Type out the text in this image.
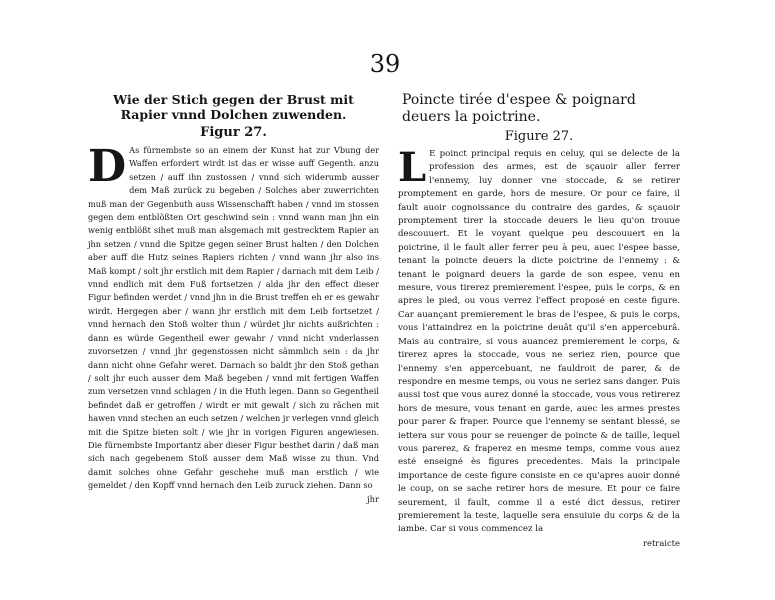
39
Wie der Stich gegen der Brust mit Rapier vnnd Dolchen zuwenden.
Figur 27.

D As fürnembste so an einem der Kunst hat zur Vbung der Waffen erfordert wirdt ist das er wisse auff Gegenth. anzu setzen / auff ihn zustossen / vnnd sich widerumb ausser dem Maß zurück zu begeben / Solches aber zuwerrichten muß man der Gegenbuth auss Wissenschafft haben / vnnd im stossen gegen dem entblößten Ort geschwind sein : vnnd wann man jhn ein wenig entblößt sihet muß man alsgemach mit gestrecktem Rapier an jhn setzen / vnnd die Spitze gegen seiner Brust halten / den Dolchen aber auff die Hutz seines Rapiers richten / vnnd wann jhr also ins Maß kompt / solt jhr erstlich mit dem Rapier / darnach mit dem Leib / vnnd endlich mit dem Fuß fortsetzen / alda jhr den effect dieser Figur befinden werdet / vnnd jhn in die Brust treffen eh er es gewahr wirdt. Hergegen aber / wann jhr erstlich mit dem Leib fortsetzet / vnnd hernach den Stoß wolter thun / würdet jhr nichts außrichten : dann es würde Gegentheil ewer gewahr / vnnd nicht vnderlassen zuvorsetzen / vnnd jhr gegenstossen nicht sämmlich sein : da jhr dann nicht ohne Gefahr weret. Darnach so baldt jhr den Stoß gethan / solt jhr euch ausser dem Maß begeben / vnnd mit fertigen Waffen zum versetzen vnnd schlagen / in die Huth legen. Dann so Gegentheil befindet daß er getroffen / wirdt er mit gewalt / sich zu rächen mit hawen vnnd stechen an euch setzen / welchen jr verlegen vnnd gleich mit die Spitze bieten solt / wie jhr in vorigen Figuren angewiesen. Die fürnembste Importantz aber dieser Figur besthet darin / daß man sich nach gegebenem Stoß ausser dem Maß wisse zu thun. Vnd damit solches ohne Gefahr geschehe muß man erstlich / wie gemeldet / den Kopff vnnd hernach den Leib zuruck ziehen. Dann so

jhr
Poincte tirée d'espee & poignard deuers la poictrine.
Figure 27.

L E poinct principal requis en celuy, qui se delecte de la profession des armes, est de sçauoir aller ferrer l'ennemy, luy donner vne stoccade, & se retirer promptement en garde, hors de mesure. Or pour ce faire, il fault auoir cognoissance du contraire des gardes, & sçauoir promptement tirer la stoccade deuers le lieu qu'on trouue descouuert. Et le voyant quelque peu descouuert en la poictrine, il le fault aller ferrer peu à peu, auec l'espee basse, tenant la poincte deuers la dicte poictrine de l'ennemy : & tenant le poignard deuers la garde de son espee, venu en mesure, vous tirerez premierement l'espee, puis le corps, & en apres le pied, ou vous verrez l'effect proposé en ceste figure. Car auançant premierement le bras de l'espee, & puis le corps, vous l'attaindrez en la poictrine deuât qu'il s'en apperceburâ. Mais au contraire, si vous auancez premierement le corps, & tirerez apres la stoccade, vous ne seriez rien, pource que l'ennemy s'en appercebuant, ne fauldroit de parer, & de respondre en mesme temps, ou vous ne seriez sans danger. Puis aussi tost que vous aurez donné la stoccade, vous vous retirerez hors de mesure, vous tenant en garde, auec les armes prestes pour parer & fraper. Pource que l'ennemy se sentant blessé, se iettera sur vous pour se reuenger de poincte & de taille, lequel vous parerez, & fraperez en mesme temps, comme vous auez esté enseigné ès figures precedentes. Mais la principale importance de ceste figure consiste en ce qu'apres auoir donné le coup, on se sache retirer hors de mesure. Et pour ce faire seurement, il fault, comme il a esté dict dessus, retirer premierement la teste, laquelle sera ensuiuie du corps & de la iambe. Car si vous commencez la

retraicte
